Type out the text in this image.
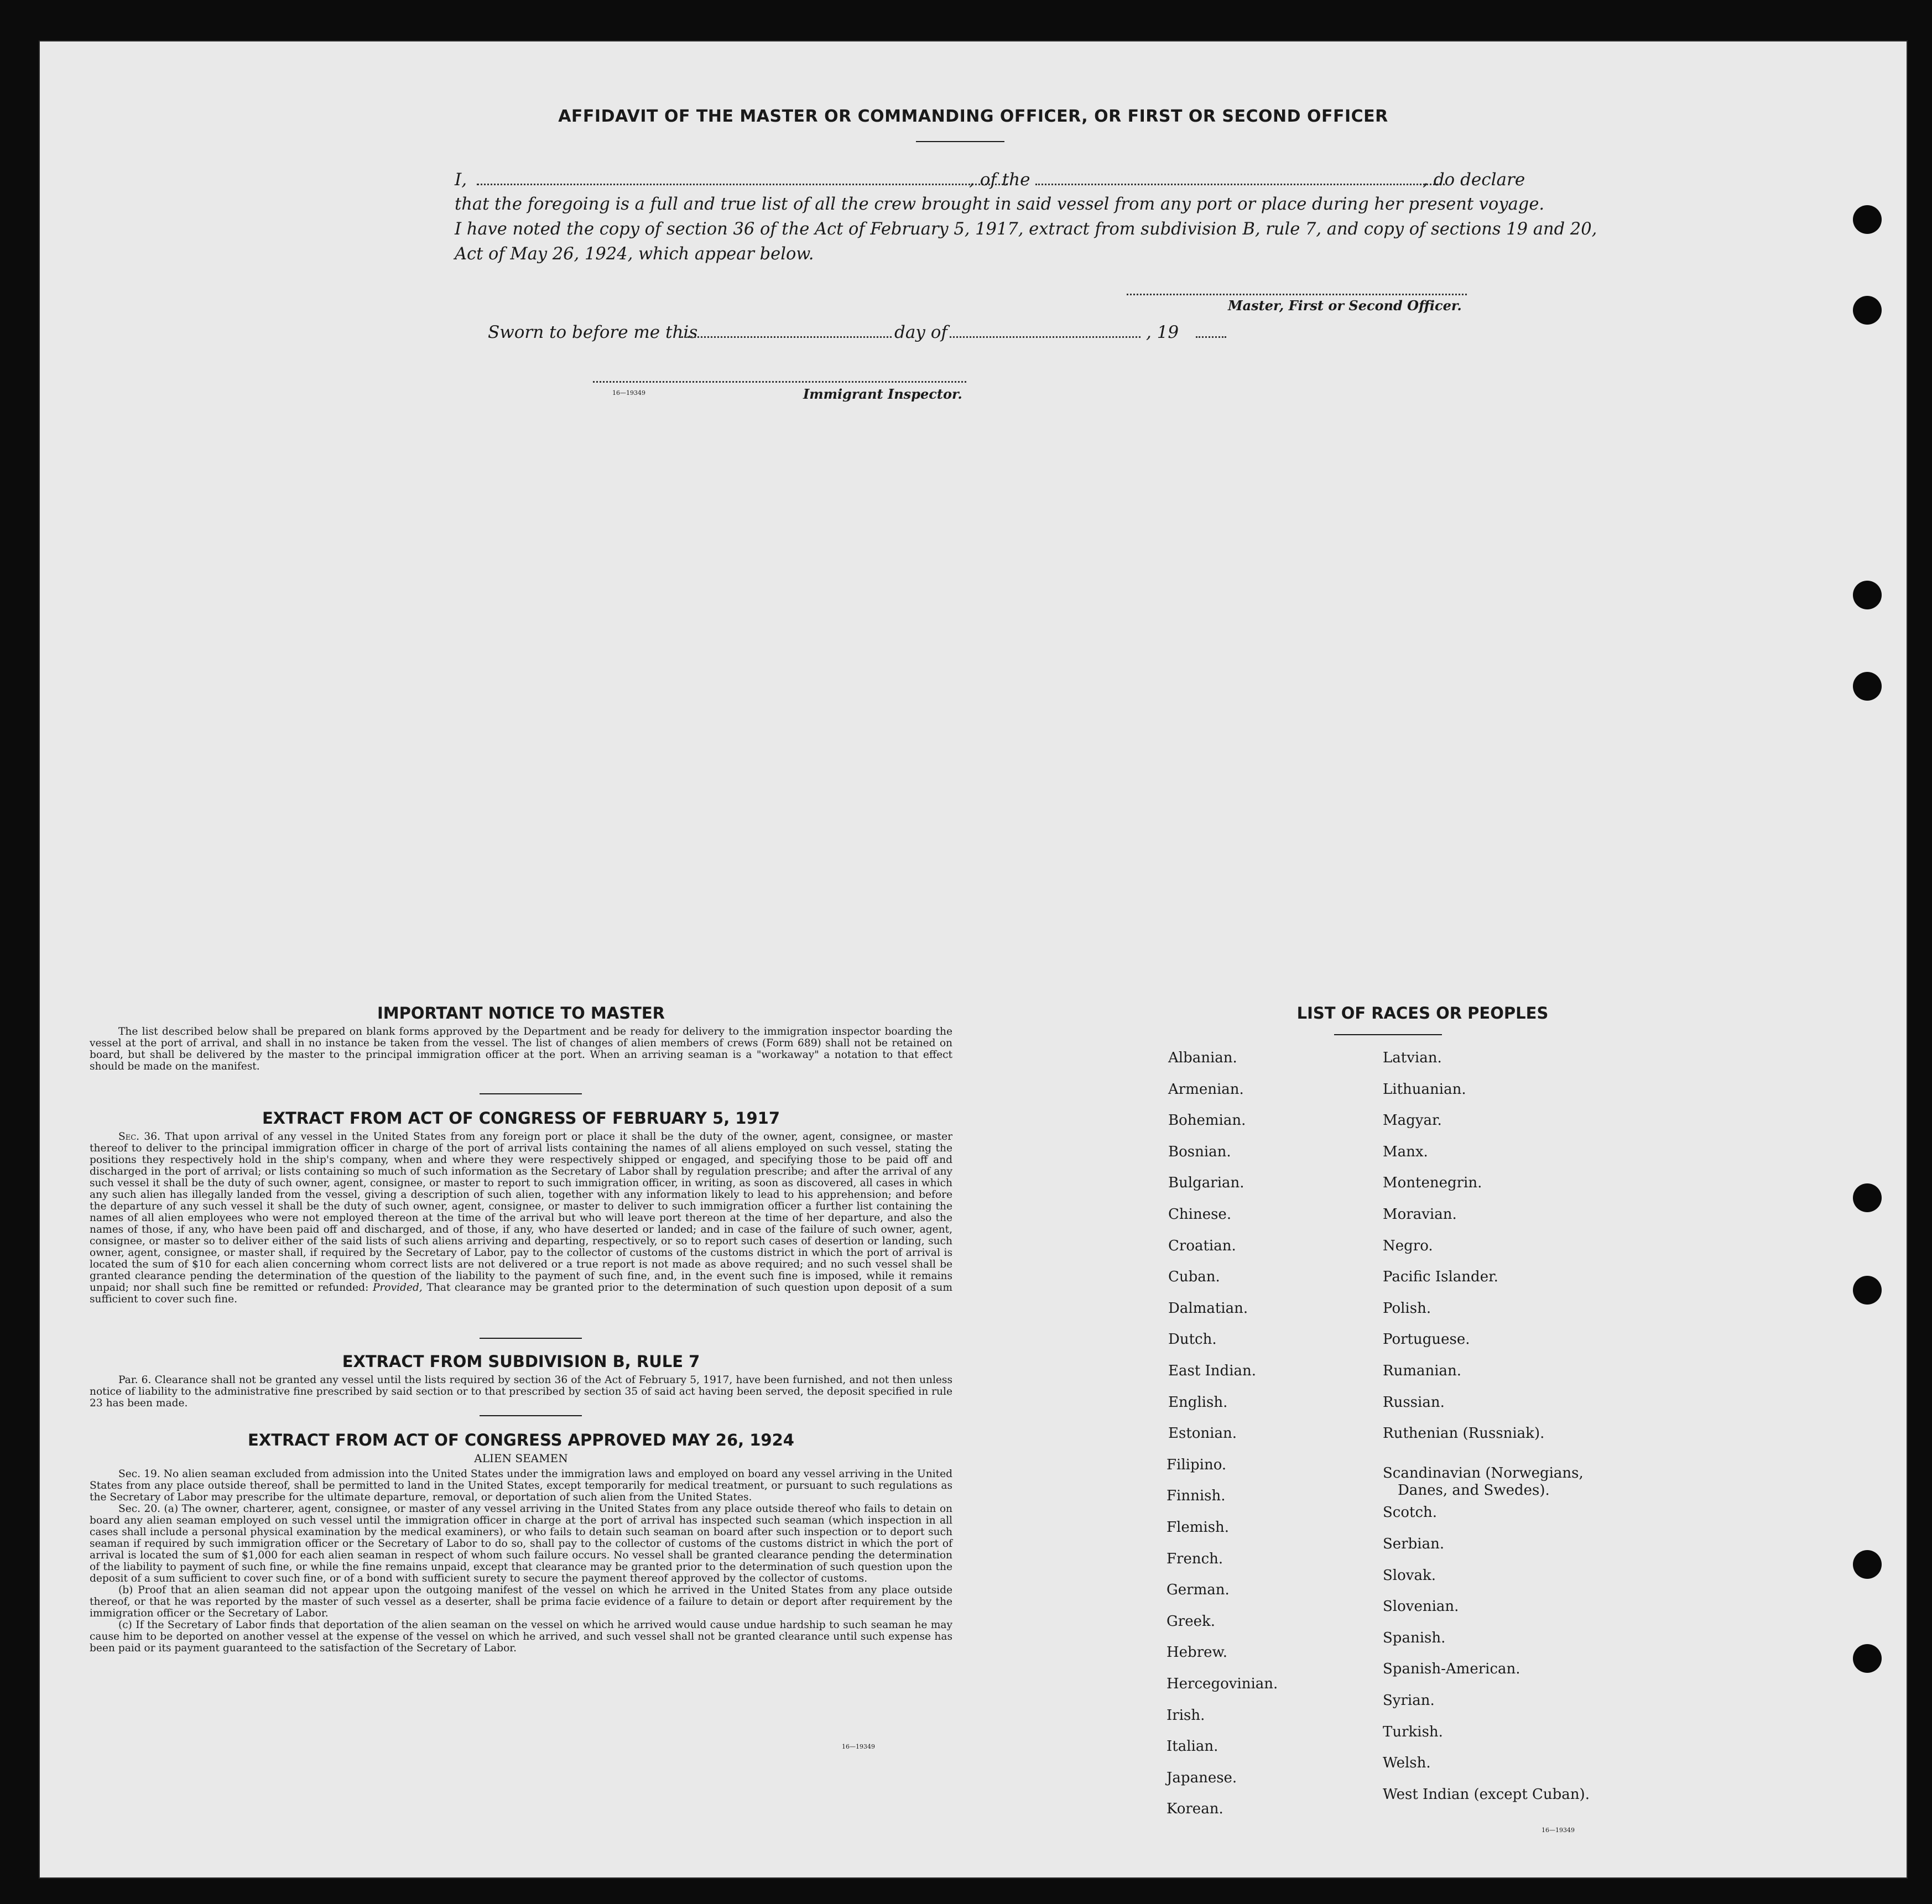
AFFIDAVIT OF THE MASTER OR COMMANDING OFFICER, OR FIRST OR SECOND OFFICER
I,	, of the	, do declare
that the foregoing is a full and true list of all the crew brought in said vessel from any port or place during her present voyage.
I have noted the copy of section 36 of the Act of February 5, 1917, extract from subdivision B, rule 7, and copy of sections 19 and 20,
Act of May 26, 1924, which appear below.
Master, First or Second Officer.
Sworn to before me this	day of	, 19
16—19349	Immigrant Inspector.
IMPORTANT NOTICE TO MASTER
The list described below shall be prepared on blank forms approved by the Department and be ready for delivery to the immigration inspector boarding the vessel at the port of arrival, and shall in no instance be taken from the vessel. The list of changes of alien members of crews (Form 689) shall not be retained on board, but shall be delivered by the master to the principal immigration officer at the port. When an arriving seaman is a "workaway" a notation to that effect should be made on the manifest.
EXTRACT FROM ACT OF CONGRESS OF FEBRUARY 5, 1917
Sec. 36. That upon arrival of any vessel in the United States from any foreign port or place it shall be the duty of the owner, agent, consignee, or master thereof to deliver to the principal immigration officer in charge of the port of arrival lists containing the names of all aliens employed on such vessel, stating the positions they respectively hold in the ship's company, when and where they were respectively shipped or engaged, and specifying those to be paid off and discharged in the port of arrival; or lists containing so much of such information as the Secretary of Labor shall by regulation prescribe; and after the arrival of any such vessel it shall be the duty of such owner, agent, consignee, or master to report to such immigration officer, in writing, as soon as discovered, all cases in which any such alien has illegally landed from the vessel, giving a description of such alien, together with any information likely to lead to his apprehension; and before the departure of any such vessel it shall be the duty of such owner, agent, consignee, or master to deliver to such immigration officer a further list containing the names of all alien employees who were not employed thereon at the time of the arrival but who will leave port thereon at the time of her departure, and also the names of those, if any, who have been paid off and discharged, and of those, if any, who have deserted or landed; and in case of the failure of such owner, agent, consignee, or master so to deliver either of the said lists of such aliens arriving and departing, respectively, or so to report such cases of desertion or landing, such owner, agent, consignee, or master shall, if required by the Secretary of Labor, pay to the collector of customs of the customs district in which the port of arrival is located the sum of $10 for each alien concerning whom correct lists are not delivered or a true report is not made as above required; and no such vessel shall be granted clearance pending the determination of the question of the liability to the payment of such fine, and, in the event such fine is imposed, while it remains unpaid; nor shall such fine be remitted or refunded: Provided, That clearance may be granted prior to the determination of such question upon deposit of a sum sufficient to cover such fine.
EXTRACT FROM SUBDIVISION B, RULE 7
Par. 6. Clearance shall not be granted any vessel until the lists required by section 36 of the Act of February 5, 1917, have been furnished, and not then unless notice of liability to the administrative fine prescribed by said section or to that prescribed by section 35 of said act having been served, the deposit specified in rule 23 has been made.
EXTRACT FROM ACT OF CONGRESS APPROVED MAY 26, 1924
ALIEN SEAMEN

Sec. 19. No alien seaman excluded from admission into the United States under the immigration laws and employed on board any vessel arriving in the United States from any place outside thereof, shall be permitted to land in the United States, except temporarily for medical treatment, or pursuant to such regulations as the Secretary of Labor may prescribe for the ultimate departure, removal, or deportation of such alien from the United States.

Sec. 20. (a) The owner, charterer, agent, consignee, or master of any vessel arriving in the United States from any place outside thereof who fails to detain on board any alien seaman employed on such vessel until the immigration officer in charge at the port of arrival has inspected such seaman (which inspection in all cases shall include a personal physical examination by the medical examiners), or who fails to detain such seaman on board after such inspection or to deport such seaman if required by such immigration officer or the Secretary of Labor to do so, shall pay to the collector of customs of the customs district in which the port of arrival is located the sum of $1,000 for each alien seaman in respect of whom such failure occurs. No vessel shall be granted clearance pending the determination of the liability to payment of such fine, or while the fine remains unpaid, except that clearance may be granted prior to the determination of such question upon the deposit of a sum sufficient to cover such fine, or of a bond with sufficient surety to secure the payment thereof approved by the collector of customs.

(b) Proof that an alien seaman did not appear upon the outgoing manifest of the vessel on which he arrived in the United States from any place outside thereof, or that he was reported by the master of such vessel as a deserter, shall be prima facie evidence of a failure to detain or deport after requirement by the immigration officer or the Secretary of Labor.

(c) If the Secretary of Labor finds that deportation of the alien seaman on the vessel on which he arrived would cause undue hardship to such seaman he may cause him to be deported on another vessel at the expense of the vessel on which he arrived, and such vessel shall not be granted clearance until such expense has been paid or its payment guaranteed to the satisfaction of the Secretary of Labor.

16—19349
LIST OF RACES OR PEOPLES
16—19349
Albanian.
Armenian.
Bohemian.
Bosnian.
Bulgarian.
Chinese.
Croatian.
Cuban.
Dalmatian.
Dutch.
East Indian.
English.
Estonian.
Filipino.
Finnish.
Flemish.
French.
German.
Greek.
Hebrew.
Hercegovinian.
Irish.
Italian.
Japanese.
Korean.
Latvian.
Lithuanian.
Magyar.
Manx.
Montenegrin.
Moravian.
Negro.
Pacific Islander.
Polish.
Portuguese.
Rumanian.
Russian.
Ruthenian (Russniak).
Scandinavian (Norwegians,
Danes, and Swedes).
Scotch.
Serbian.
Slovak.
Slovenian.
Spanish.
Spanish-American.
Syrian.
Turkish.
Welsh.
West Indian (except Cuban).
